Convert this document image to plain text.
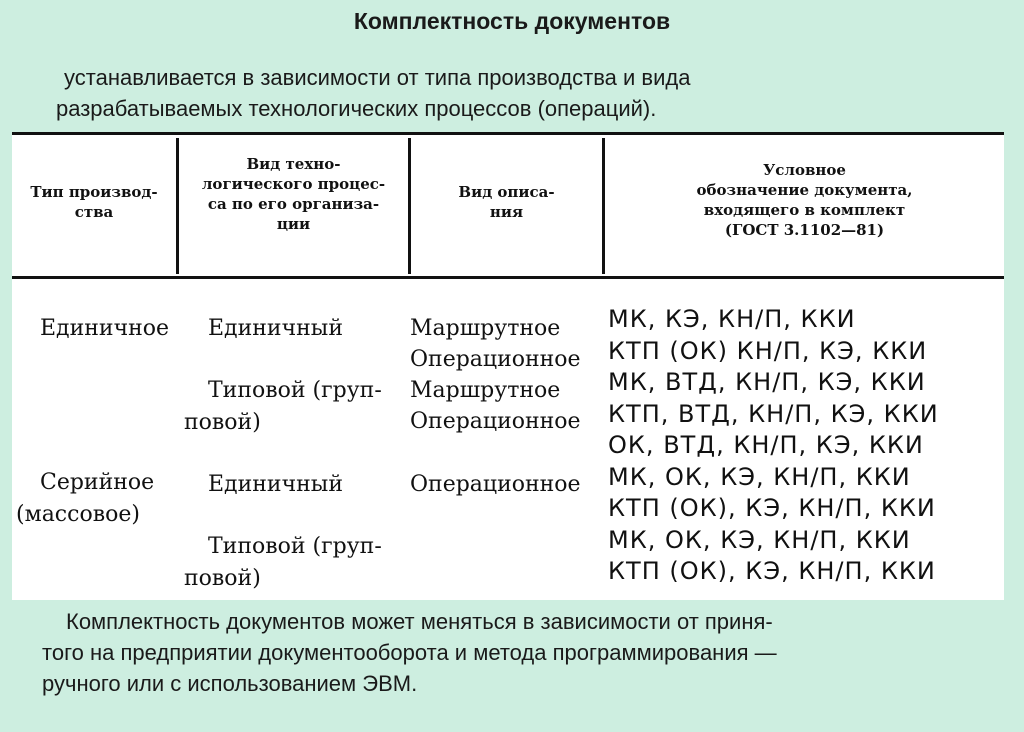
Комплектность документов
устанавливается в зависимости от типа производства и вида
разрабатываемых технологических процессов (операций).
Тип производ-
ства
Вид техно-
логического процес-
са по его организа-
ции
Вид описа-
ния
Условное
обозначение документа,
входящего в комплект
(ГОСТ 3.1102—81)
Единичное
Серийное
(массовое)
Единичный
Типовой (груп-
повой)
Единичный
Типовой (груп-
повой)
Маршрутное
Операционное
Маршрутное
Операционное
Операционное
МК, КЭ, КН/П, ККИ
КТП (ОК) КН/П, КЭ, ККИ
МК, ВТД, КН/П, КЭ, ККИ
КТП, ВТД, КН/П, КЭ, ККИ
ОК, ВТД, КН/П, КЭ, ККИ
МК, ОК, КЭ, КН/П, ККИ
КТП (ОК), КЭ, КН/П, ККИ
МК, ОК, КЭ, КН/П, ККИ
КТП (ОК), КЭ, КН/П, ККИ
Комплектность документов может меняться в зависимости от приня-
того на предприятии документооборота и метода программирования —
ручного или с использованием ЭВМ.
